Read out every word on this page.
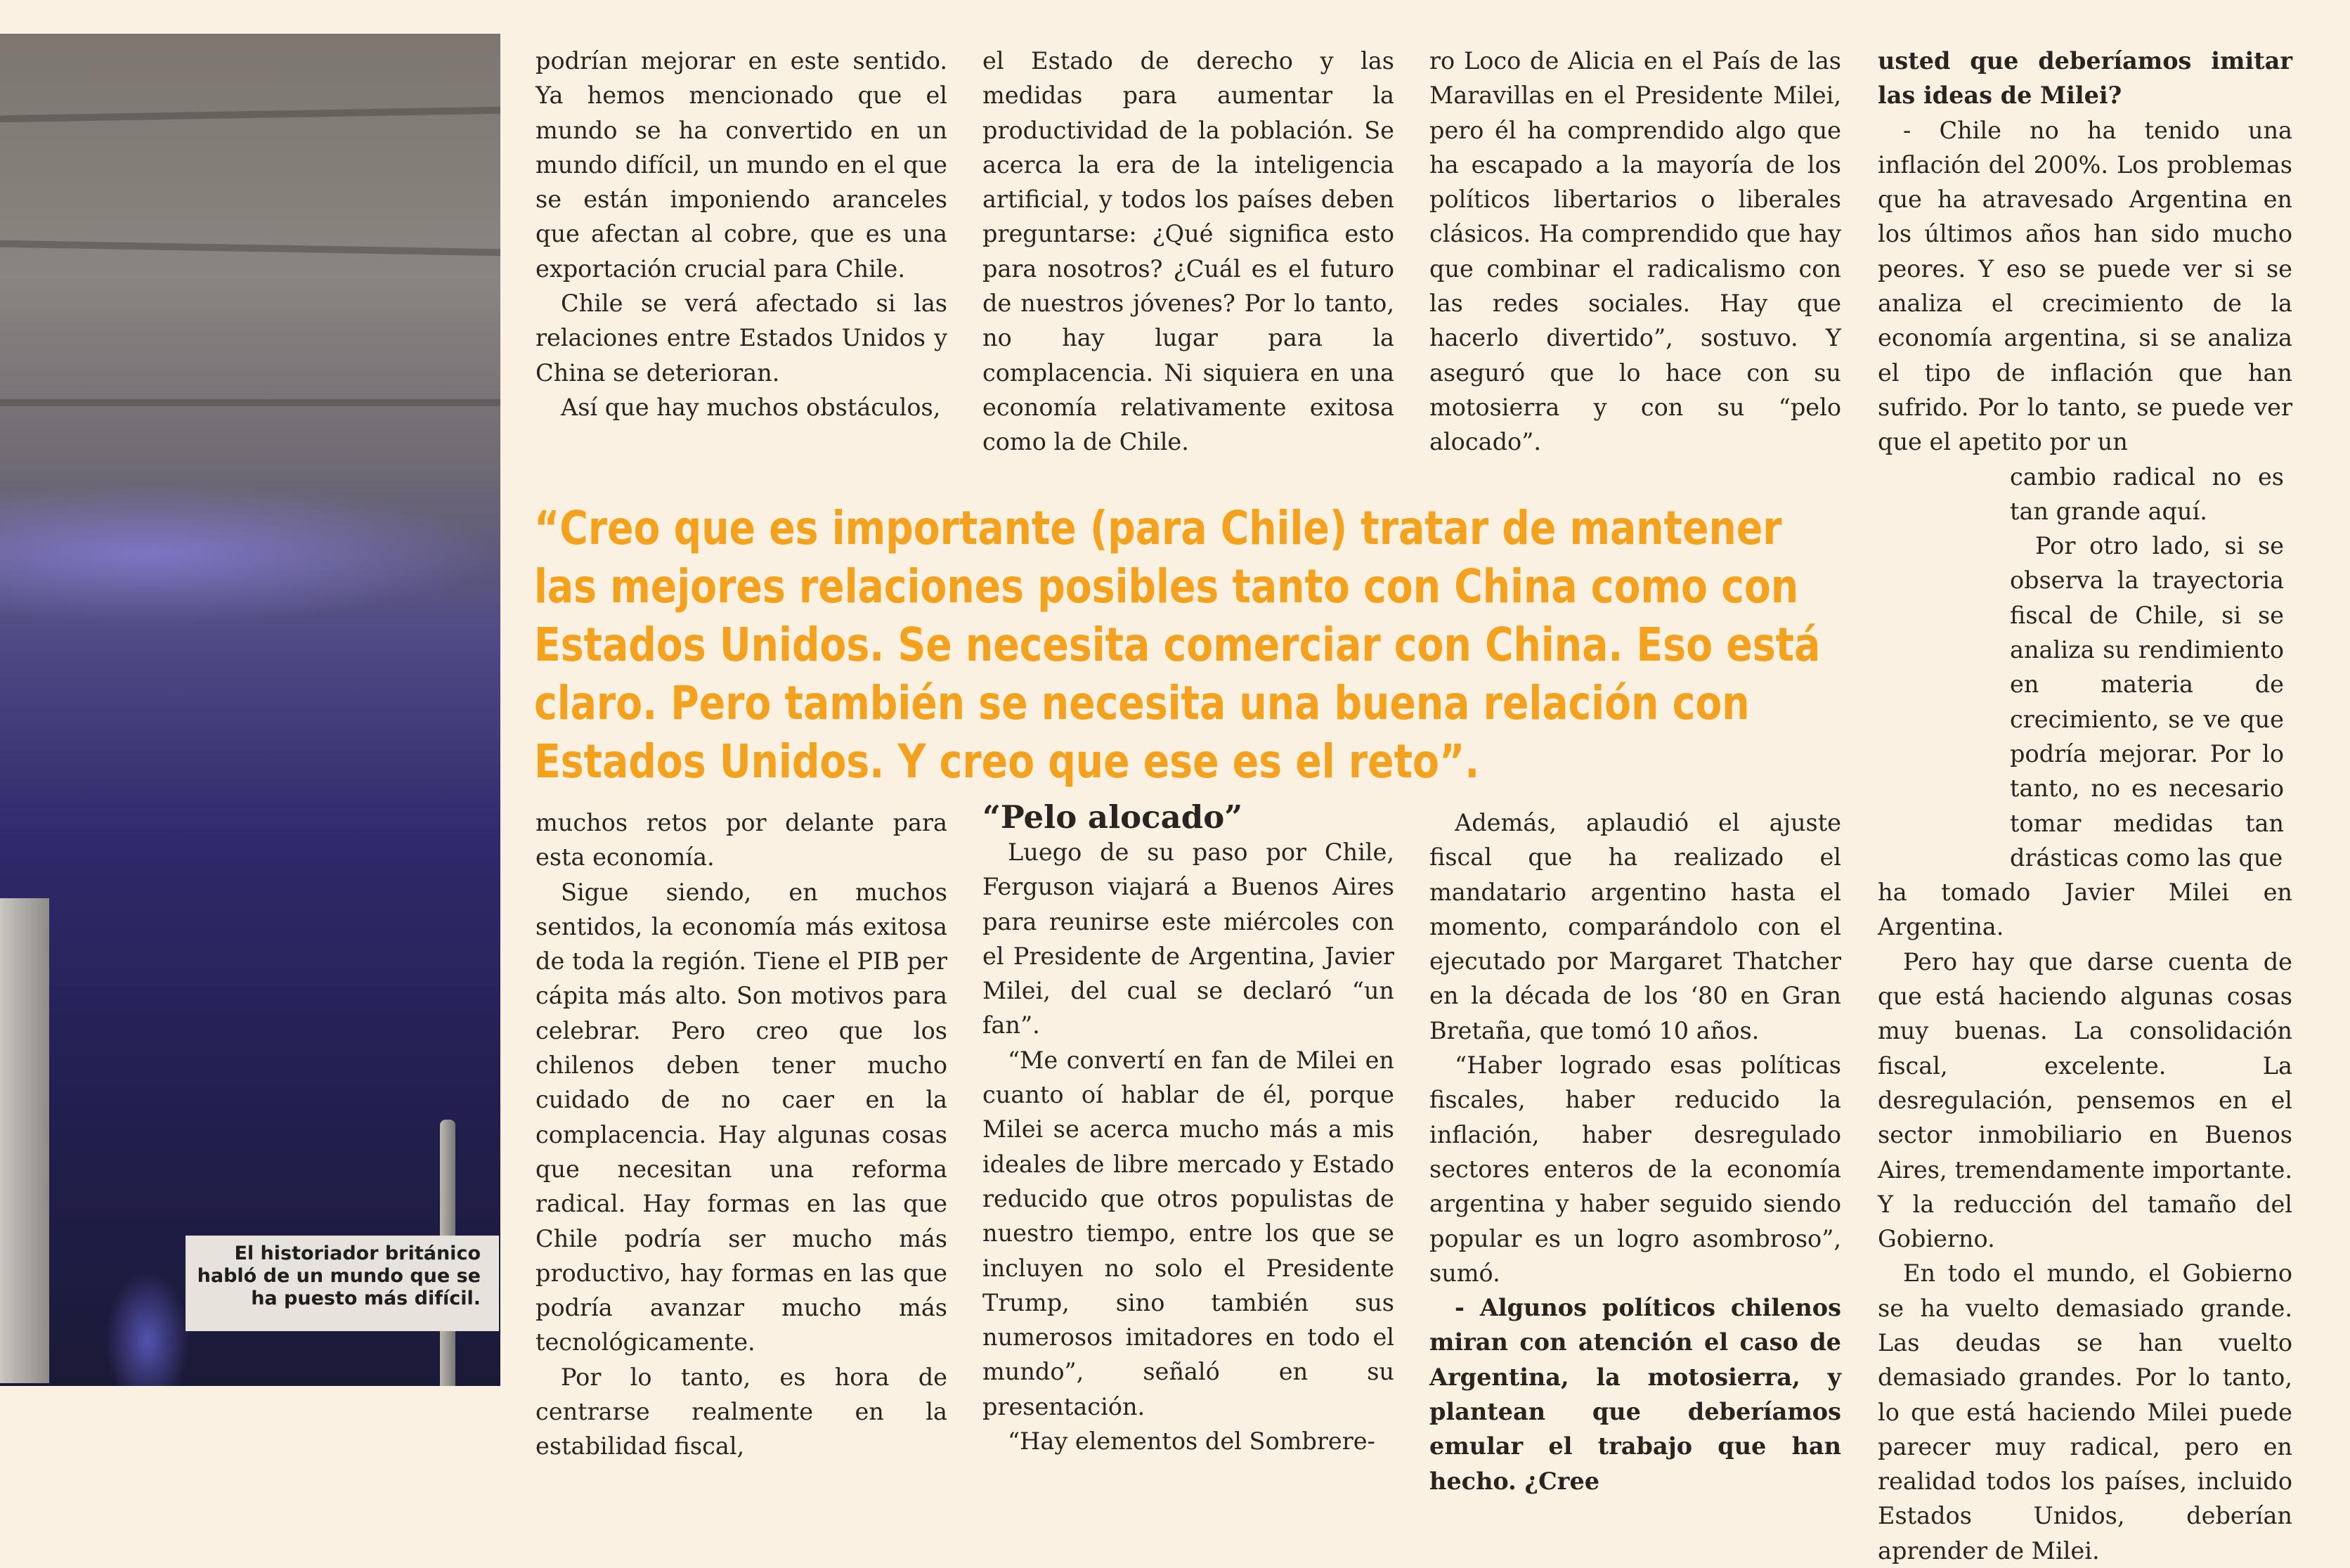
El historiador británico habló de un mundo que se ha puesto más difícil.

podrían mejorar en este sentido. Ya hemos mencionado que el mundo se ha convertido en un mundo difícil, un mundo en el que se están imponiendo aranceles que afectan al cobre, que es una exportación crucial para Chile.

Chile se verá afectado si las relaciones entre Estados Unidos y China se deterioran.

Así que hay muchos obstáculos,

el Estado de derecho y las medidas para aumentar la productividad de la población. Se acerca la era de la inteligencia artificial, y todos los países deben preguntarse: ¿Qué significa esto para nosotros? ¿Cuál es el futuro de nuestros jóvenes? Por lo tanto, no hay lugar para la complacencia. Ni siquiera en una economía relativamente exitosa como la de Chile.

ro Loco de Alicia en el País de las Maravillas en el Presidente Milei, pero él ha comprendido algo que ha escapado a la mayoría de los políticos libertarios o liberales clásicos. Ha comprendido que hay que combinar el radicalismo con las redes sociales. Hay que hacerlo divertido”, sostuvo. Y aseguró que lo hace con su motosierra y con su “pelo alocado”.

“Creo que es importante (para Chile) tratar de mantener las mejores relaciones posibles tanto con China como con Estados Unidos. Se necesita comerciar con China. Eso está claro. Pero también se necesita una buena relación con Estados Unidos. Y creo que ese es el reto”.

usted que deberíamos imitar las ideas de Milei?

- Chile no ha tenido una inflación del 200%. Los problemas que ha atravesado Argentina en los últimos años han sido mucho peores. Y eso se puede ver si se analiza el crecimiento de la economía argentina, si se analiza el tipo de inflación que han sufrido. Por lo tanto, se puede ver que el apetito por un

cambio radical no es tan grande aquí.

Por otro lado, si se observa la trayectoria fiscal de Chile, si se analiza su rendimiento en materia de crecimiento, se ve que podría mejorar. Por lo tanto, no es necesario tomar medidas tan drásticas como las que

ha tomado Javier Milei en Argentina.

Pero hay que darse cuenta de que está haciendo algunas cosas muy buenas. La consolidación fiscal, excelente. La desregulación, pensemos en el sector inmobiliario en Buenos Aires, tremendamente importante. Y la reducción del tamaño del Gobierno.

En todo el mundo, el Gobierno se ha vuelto demasiado grande. Las deudas se han vuelto demasiado grandes. Por lo tanto, lo que está haciendo Milei puede parecer muy radical, pero en realidad todos los países, incluido Estados Unidos, deberían aprender de Milei.

muchos retos por delante para esta economía.

Sigue siendo, en muchos sentidos, la economía más exitosa de toda la región. Tiene el PIB per cápita más alto. Son motivos para celebrar. Pero creo que los chilenos deben tener mucho cuidado de no caer en la complacencia. Hay algunas cosas que necesitan una reforma radical. Hay formas en las que Chile podría ser mucho más productivo, hay formas en las que podría avanzar mucho más tecnológicamente.

Por lo tanto, es hora de centrarse realmente en la estabilidad fiscal,

“Pelo alocado”

Luego de su paso por Chile, Ferguson viajará a Buenos Aires para reunirse este miércoles con el Presidente de Argentina, Javier Milei, del cual se declaró “un fan”.

“Me convertí en fan de Milei en cuanto oí hablar de él, porque Milei se acerca mucho más a mis ideales de libre mercado y Estado reducido que otros populistas de nuestro tiempo, entre los que se incluyen no solo el Presidente Trump, sino también sus numerosos imitadores en todo el mundo”, señaló en su presentación.

“Hay elementos del Sombrere-

Además, aplaudió el ajuste fiscal que ha realizado el mandatario argentino hasta el momento, comparándolo con el ejecutado por Margaret Thatcher en la década de los ‘80 en Gran Bretaña, que tomó 10 años.

“Haber logrado esas políticas fiscales, haber reducido la inflación, haber desregulado sectores enteros de la economía argentina y haber seguido siendo popular es un logro asombroso”, sumó.

- Algunos políticos chilenos miran con atención el caso de Argentina, la motosierra, y plantean que deberíamos emular el trabajo que han hecho. ¿Cree
